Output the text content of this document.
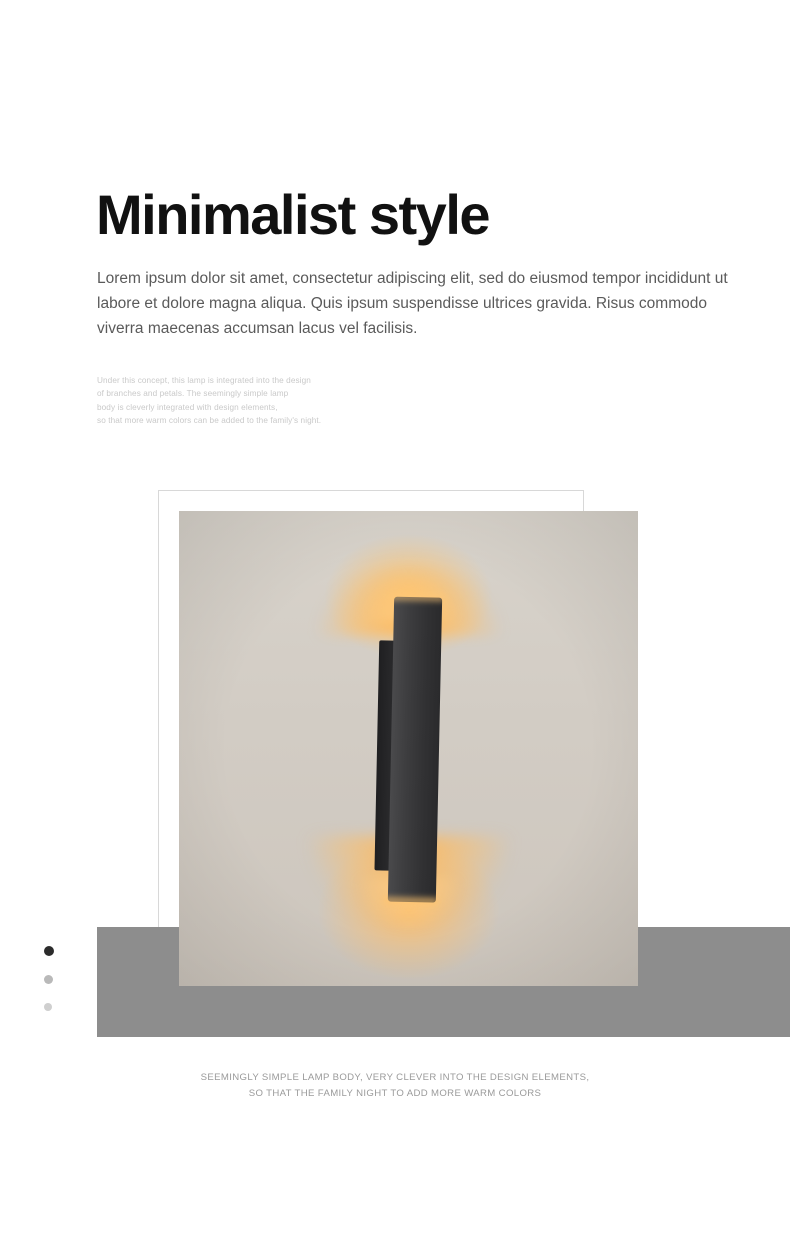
Minimalist style

Lorem ipsum dolor sit amet, consectetur adipiscing elit, sed do eiusmod tempor incididunt ut labore et dolore magna aliqua. Quis ipsum suspendisse ultrices gravida. Risus commodo viverra maecenas accumsan lacus vel facilisis.

Under this concept, this lamp is integrated into the design
of branches and petals. The seemingly simple lamp
body is cleverly integrated with design elements,
so that more warm colors can be added to the family's night.
SEEMINGLY SIMPLE LAMP BODY, VERY CLEVER INTO THE DESIGN ELEMENTS,
SO THAT THE FAMILY NIGHT TO ADD MORE WARM COLORS
